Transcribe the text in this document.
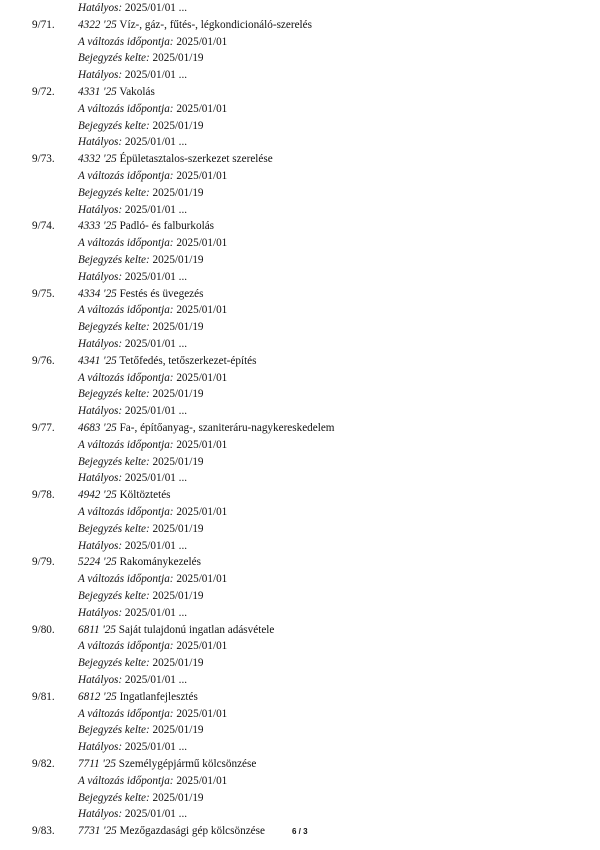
Hatályos: 2025/01/01 ...
9/71. 4322 '25 Víz-, gáz-, fűtés-, légkondicionáló-szerelés
A változás időpontja: 2025/01/01
Bejegyzés kelte: 2025/01/19
Hatályos: 2025/01/01 ...
9/72. 4331 '25 Vakolás
A változás időpontja: 2025/01/01
Bejegyzés kelte: 2025/01/19
Hatályos: 2025/01/01 ...
9/73. 4332 '25 Épületasztalos-szerkezet szerelése
A változás időpontja: 2025/01/01
Bejegyzés kelte: 2025/01/19
Hatályos: 2025/01/01 ...
9/74. 4333 '25 Padló- és falburkolás
A változás időpontja: 2025/01/01
Bejegyzés kelte: 2025/01/19
Hatályos: 2025/01/01 ...
9/75. 4334 '25 Festés és üvegezés
A változás időpontja: 2025/01/01
Bejegyzés kelte: 2025/01/19
Hatályos: 2025/01/01 ...
9/76. 4341 '25 Tetőfedés, tetőszerkezet-építés
A változás időpontja: 2025/01/01
Bejegyzés kelte: 2025/01/19
Hatályos: 2025/01/01 ...
9/77. 4683 '25 Fa-, építőanyag-, szaniteráru-nagykereskedelem
A változás időpontja: 2025/01/01
Bejegyzés kelte: 2025/01/19
Hatályos: 2025/01/01 ...
9/78. 4942 '25 Költöztetés
A változás időpontja: 2025/01/01
Bejegyzés kelte: 2025/01/19
Hatályos: 2025/01/01 ...
9/79. 5224 '25 Rakománykezelés
A változás időpontja: 2025/01/01
Bejegyzés kelte: 2025/01/19
Hatályos: 2025/01/01 ...
9/80. 6811 '25 Saját tulajdonú ingatlan adásvétele
A változás időpontja: 2025/01/01
Bejegyzés kelte: 2025/01/19
Hatályos: 2025/01/01 ...
9/81. 6812 '25 Ingatlanfejlesztés
A változás időpontja: 2025/01/01
Bejegyzés kelte: 2025/01/19
Hatályos: 2025/01/01 ...
9/82. 7711 '25 Személygépjármű kölcsönzése
A változás időpontja: 2025/01/01
Bejegyzés kelte: 2025/01/19
Hatályos: 2025/01/01 ...
9/83. 7731 '25 Mezőgazdasági gép kölcsönzése	6 / 3
